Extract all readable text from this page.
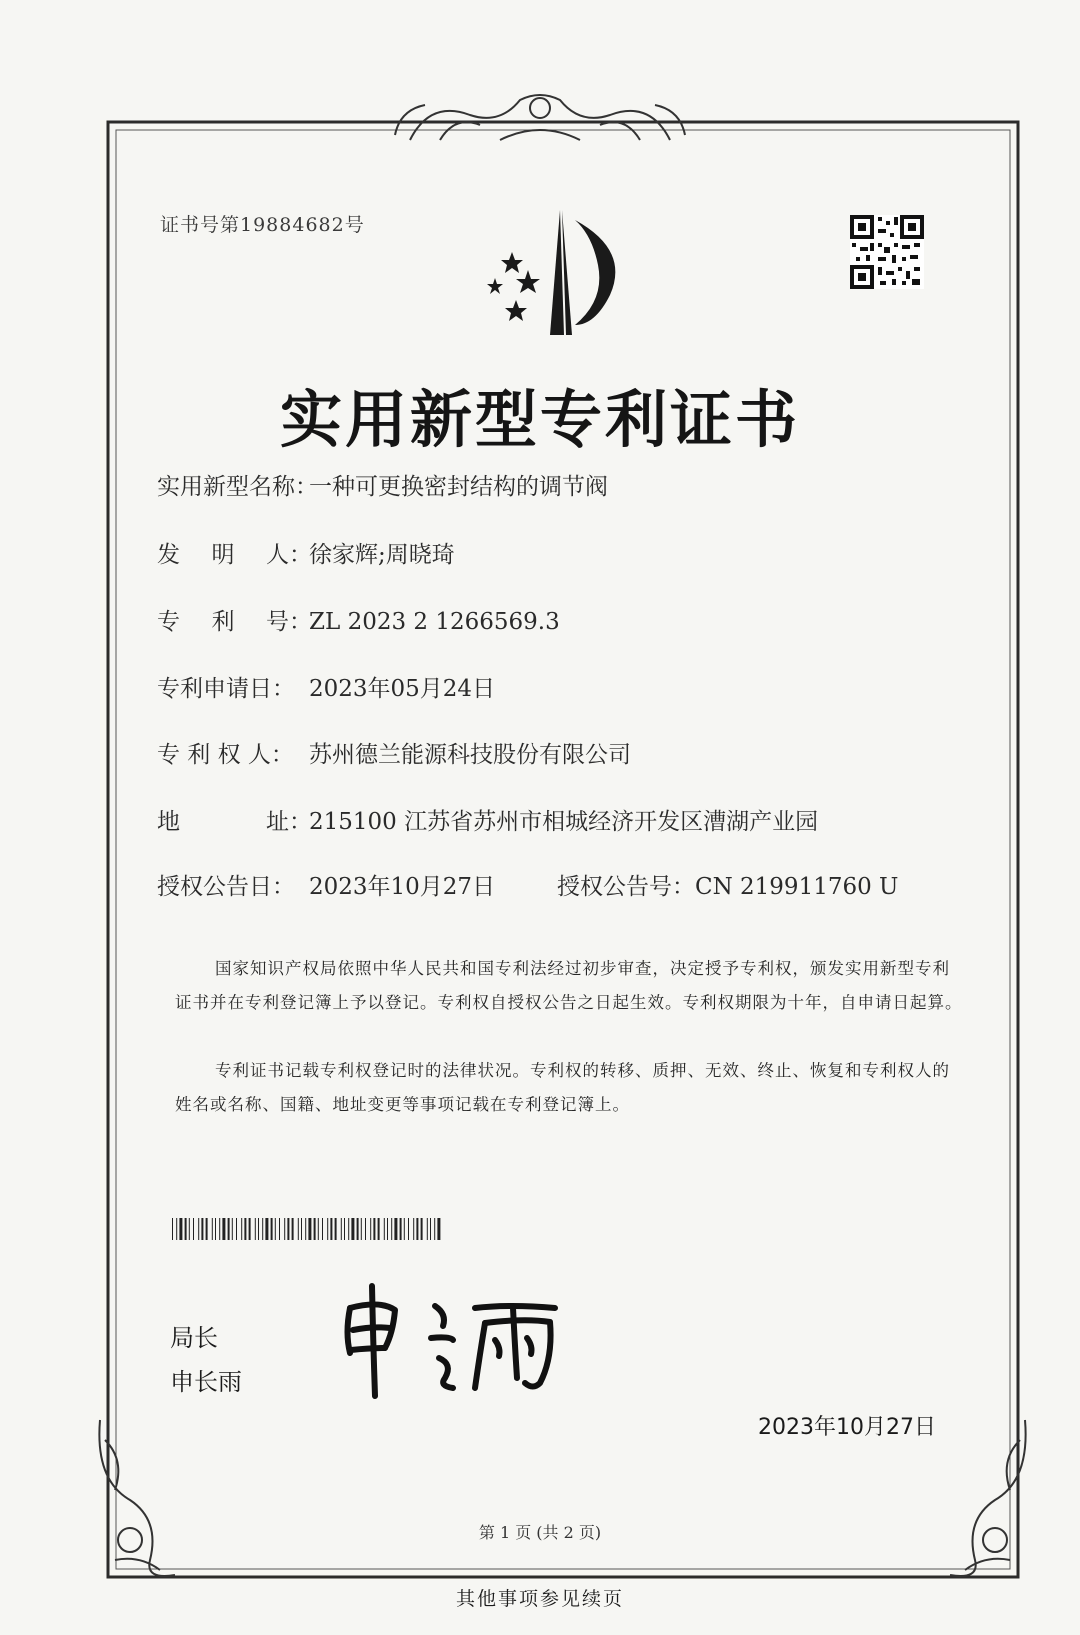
证书号第19884682号
实用新型专利证书
实用新型名称：一种可更换密封结构的调节阀
发 明 人 ：徐家辉;周晓琦
专 利 号 ：ZL 2023 2 1266569.3
专利申请日： 2023年05月24日
专 利 权 人： 苏州德兰能源科技股份有限公司
地	址 ：215100 江苏省苏州市相城经济开发区漕湖产业园
授权公告日： 2023年10月27日	授权公告号：CN 219911760 U
国家知识产权局依照中华人民共和国专利法经过初步审查，决定授予专利权，颁发实用新型专利证书并在专利登记簿上予以登记。专利权自授权公告之日起生效。专利权期限为十年，自申请日起算。
专利证书记载专利权登记时的法律状况。专利权的转移、质押、无效、终止、恢复和专利权人的姓名或名称、国籍、地址变更等事项记载在专利登记簿上。
局长
申长雨
2023年10月27日
第 1 页 (共 2 页)
其他事项参见续页
